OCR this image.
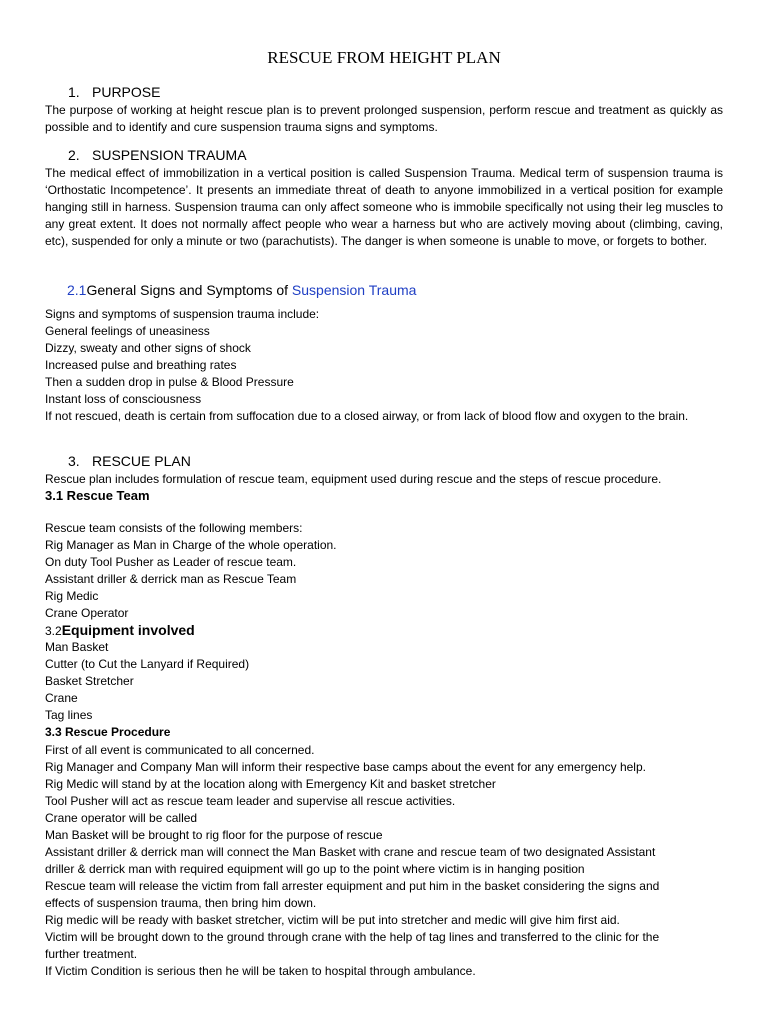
RESCUE FROM HEIGHT PLAN
1. PURPOSE
The purpose of working at height rescue plan is to prevent prolonged suspension, perform rescue and treatment as quickly as possible and to identify and cure suspension trauma signs and symptoms.
2. SUSPENSION TRAUMA
The medical effect of immobilization in a vertical position is called Suspension Trauma. Medical term of suspension trauma is ‘Orthostatic Incompetence’. It presents an immediate threat of death to anyone immobilized in a vertical position for example hanging still in harness. Suspension trauma can only affect someone who is immobile specifically not using their leg muscles to any great extent. It does not normally affect people who wear a harness but who are actively moving about (climbing, caving, etc), suspended for only a minute or two (parachutists). The danger is when someone is unable to move, or forgets to bother.
2.1General Signs and Symptoms of Suspension Trauma
Signs and symptoms of suspension trauma include:
General feelings of uneasiness
Dizzy, sweaty and other signs of shock
Increased pulse and breathing rates
Then a sudden drop in pulse & Blood Pressure
Instant loss of consciousness
If not rescued, death is certain from suffocation due to a closed airway, or from lack of blood flow and oxygen to the brain.
3. RESCUE PLAN
Rescue plan includes formulation of rescue team, equipment used during rescue and the steps of rescue procedure.
3.1 Rescue Team
Rescue team consists of the following members:
Rig Manager as Man in Charge of the whole operation.
On duty Tool Pusher as Leader of rescue team.
Assistant driller & derrick man as Rescue Team
Rig Medic
Crane Operator
3.2Equipment involved
Man Basket
Cutter (to Cut the Lanyard if Required)
Basket Stretcher
Crane
Tag lines
3.3 Rescue Procedure
First of all event is communicated to all concerned.
Rig Manager and Company Man will inform their respective base camps about the event for any emergency help.
Rig Medic will stand by at the location along with Emergency Kit and basket stretcher
Tool Pusher will act as rescue team leader and supervise all rescue activities.
Crane operator will be called
Man Basket will be brought to rig floor for the purpose of rescue
Assistant driller & derrick man will connect the Man Basket with crane and rescue team of two designated Assistant
driller & derrick man with required equipment will go up to the point where victim is in hanging position
Rescue team will release the victim from fall arrester equipment and put him in the basket considering the signs and
effects of suspension trauma, then bring him down.
Rig medic will be ready with basket stretcher, victim will be put into stretcher and medic will give him first aid.
Victim will be brought down to the ground through crane with the help of tag lines and transferred to the clinic for the
further treatment.
If Victim Condition is serious then he will be taken to hospital through ambulance.
